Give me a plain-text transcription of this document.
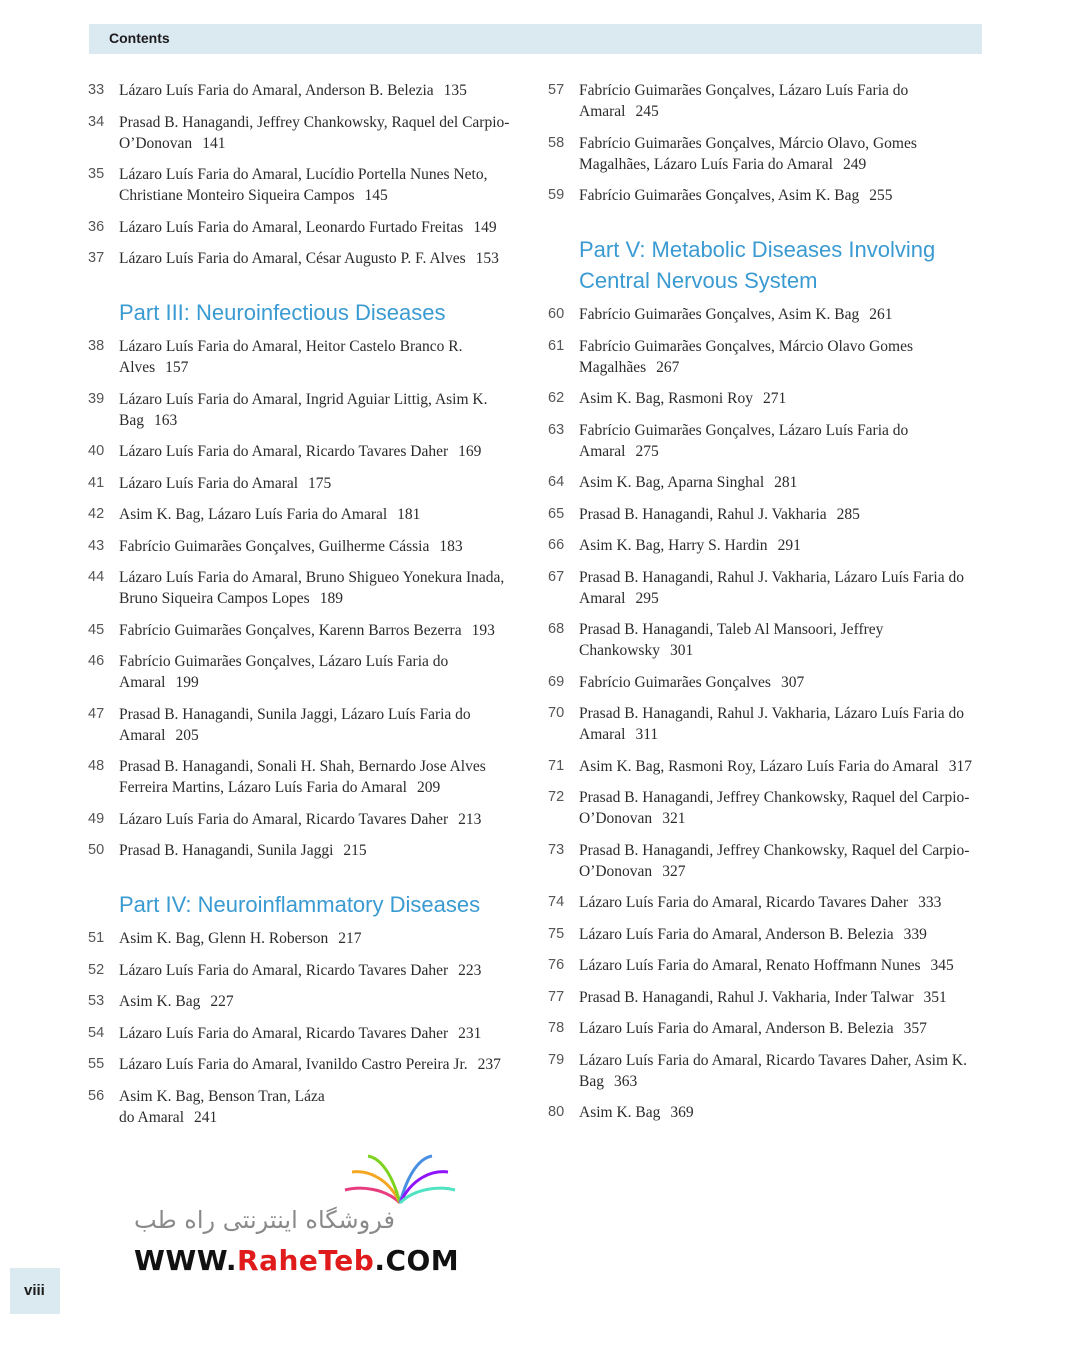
Contents
33 Lázaro Luís Faria do Amaral, Anderson B. Belezia 135
34 Prasad B. Hanagandi, Jeffrey Chankowsky, Raquel del Carpio-O’Donovan 141
35 Lázaro Luís Faria do Amaral, Lucídio Portella Nunes Neto, Christiane Monteiro Siqueira Campos 145
36 Lázaro Luís Faria do Amaral, Leonardo Furtado Freitas 149
37 Lázaro Luís Faria do Amaral, César Augusto P. F. Alves 153
Part III: Neuroinfectious Diseases
38 Lázaro Luís Faria do Amaral, Heitor Castelo Branco R. Alves 157
39 Lázaro Luís Faria do Amaral, Ingrid Aguiar Littig, Asim K. Bag 163
40 Lázaro Luís Faria do Amaral, Ricardo Tavares Daher 169
41 Lázaro Luís Faria do Amaral 175
42 Asim K. Bag, Lázaro Luís Faria do Amaral 181
43 Fabrício Guimarães Gonçalves, Guilherme Cássia 183
44 Lázaro Luís Faria do Amaral, Bruno Shigueo Yonekura Inada, Bruno Siqueira Campos Lopes 189
45 Fabrício Guimarães Gonçalves, Karenn Barros Bezerra 193
46 Fabrício Guimarães Gonçalves, Lázaro Luís Faria do Amaral 199
47 Prasad B. Hanagandi, Sunila Jaggi, Lázaro Luís Faria do Amaral 205
48 Prasad B. Hanagandi, Sonali H. Shah, Bernardo Jose Alves Ferreira Martins, Lázaro Luís Faria do Amaral 209
49 Lázaro Luís Faria do Amaral, Ricardo Tavares Daher 213
50 Prasad B. Hanagandi, Sunila Jaggi 215
Part IV: Neuroinflammatory Diseases
51 Asim K. Bag, Glenn H. Roberson 217
52 Lázaro Luís Faria do Amaral, Ricardo Tavares Daher 223
53 Asim K. Bag 227
54 Lázaro Luís Faria do Amaral, Ricardo Tavares Daher 231
55 Lázaro Luís Faria do Amaral, Ivanildo Castro Pereira Jr. 237
56 Asim K. Bag, Benson Tran, Láza
do Amaral 241
57 Fabrício Guimarães Gonçalves, Lázaro Luís Faria do Amaral 245
58 Fabrício Guimarães Gonçalves, Márcio Olavo, Gomes Magalhães, Lázaro Luís Faria do Amaral 249
59 Fabrício Guimarães Gonçalves, Asim K. Bag 255
Part V: Metabolic Diseases Involving Central Nervous System
60 Fabrício Guimarães Gonçalves, Asim K. Bag 261
61 Fabrício Guimarães Gonçalves, Márcio Olavo Gomes Magalhães 267
62 Asim K. Bag, Rasmoni Roy 271
63 Fabrício Guimarães Gonçalves, Lázaro Luís Faria do Amaral 275
64 Asim K. Bag, Aparna Singhal 281
65 Prasad B. Hanagandi, Rahul J. Vakharia 285
66 Asim K. Bag, Harry S. Hardin 291
67 Prasad B. Hanagandi, Rahul J. Vakharia, Lázaro Luís Faria do Amaral 295
68 Prasad B. Hanagandi, Taleb Al Mansoori, Jeffrey Chankowsky 301
69 Fabrício Guimarães Gonçalves 307
70 Prasad B. Hanagandi, Rahul J. Vakharia, Lázaro Luís Faria do Amaral 311
71 Asim K. Bag, Rasmoni Roy, Lázaro Luís Faria do Amaral 317
72 Prasad B. Hanagandi, Jeffrey Chankowsky, Raquel del Carpio-O’Donovan 321
73 Prasad B. Hanagandi, Jeffrey Chankowsky, Raquel del Carpio-O’Donovan 327
74 Lázaro Luís Faria do Amaral, Ricardo Tavares Daher 333
75 Lázaro Luís Faria do Amaral, Anderson B. Belezia 339
76 Lázaro Luís Faria do Amaral, Renato Hoffmann Nunes 345
77 Prasad B. Hanagandi, Rahul J. Vakharia, Inder Talwar 351
78 Lázaro Luís Faria do Amaral, Anderson B. Belezia 357
79 Lázaro Luís Faria do Amaral, Ricardo Tavares Daher, Asim K. Bag 363
80 Asim K. Bag 369
فروشگاه اینترنتی راه طب
WWW.RaheTeb.COM
viii
